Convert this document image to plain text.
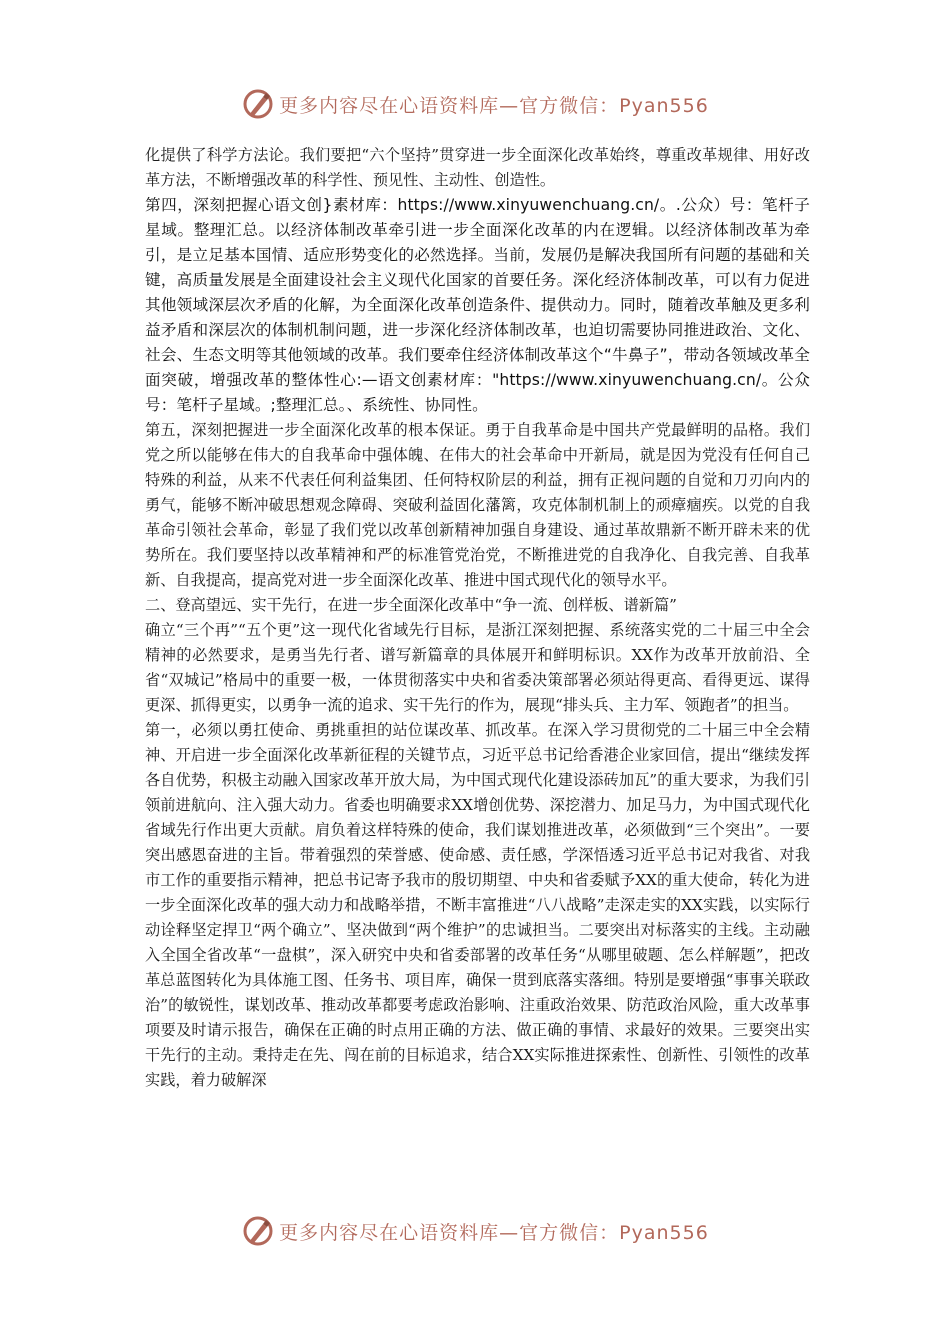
更多内容尽在心语资料库—官方微信：Pyan556

化提供了科学方法论。我们要把“六个坚持”贯穿进一步全面深化改革始终，尊重改革规律、用好改革方法，不断增强改革的科学性、预见性、主动性、创造性。

第四，深刻把握心语文创}素材库：https://www.xinyuwenchuang.cn/。.公众）号：笔杆子星域。整理汇总。以经济体制改革牵引进一步全面深化改革的内在逻辑。以经济体制改革为牵引，是立足基本国情、适应形势变化的必然选择。当前，发展仍是解决我国所有问题的基础和关键，高质量发展是全面建设社会主义现代化国家的首要任务。深化经济体制改革，可以有力促进其他领域深层次矛盾的化解，为全面深化改革创造条件、提供动力。同时，随着改革触及更多利益矛盾和深层次的体制机制问题，进一步深化经济体制改革，也迫切需要协同推进政治、文化、社会、生态文明等其他领域的改革。我们要牵住经济体制改革这个“牛鼻子”，带动各领域改革全面突破，增强改革的整体性心:—语文创素材库："https://www.xinyuwenchuang.cn/。公众号：笔杆子星域。;整理汇总。、系统性、协同性。

第五，深刻把握进一步全面深化改革的根本保证。勇于自我革命是中国共产党最鲜明的品格。我们党之所以能够在伟大的自我革命中强体魄、在伟大的社会革命中开新局，就是因为党没有任何自己特殊的利益，从来不代表任何利益集团、任何特权阶层的利益，拥有正视问题的自觉和刀刃向内的勇气，能够不断冲破思想观念障碍、突破利益固化藩篱，攻克体制机制上的顽瘴痼疾。以党的自我革命引领社会革命，彰显了我们党以改革创新精神加强自身建设、通过革故鼎新不断开辟未来的优势所在。我们要坚持以改革精神和严的标准管党治党，不断推进党的自我净化、自我完善、自我革新、自我提高，提高党对进一步全面深化改革、推进中国式现代化的领导水平。

二、登高望远、实干先行，在进一步全面深化改革中“争一流、创样板、谱新篇”

确立“三个再”“五个更”这一现代化省域先行目标，是浙江深刻把握、系统落实党的二十届三中全会精神的必然要求，是勇当先行者、谱写新篇章的具体展开和鲜明标识。XX作为改革开放前沿、全省“双城记”格局中的重要一极，一体贯彻落实中央和省委决策部署必须站得更高、看得更远、谋得更深、抓得更实，以勇争一流的追求、实干先行的作为，展现“排头兵、主力军、领跑者”的担当。

第一，必须以勇扛使命、勇挑重担的站位谋改革、抓改革。在深入学习贯彻党的二十届三中全会精神、开启进一步全面深化改革新征程的关键节点，习近平总书记给香港企业家回信，提出“继续发挥各自优势，积极主动融入国家改革开放大局，为中国式现代化建设添砖加瓦”的重大要求，为我们引领前进航向、注入强大动力。省委也明确要求XX增创优势、深挖潜力、加足马力，为中国式现代化省域先行作出更大贡献。肩负着这样特殊的使命，我们谋划推进改革，必须做到“三个突出”。一要突出感恩奋进的主旨。带着强烈的荣誉感、使命感、责任感，学深悟透习近平总书记对我省、对我市工作的重要指示精神，把总书记寄予我市的殷切期望、中央和省委赋予XX的重大使命，转化为进一步全面深化改革的强大动力和战略举措，不断丰富推进“八八战略”走深走实的XX实践，以实际行动诠释坚定捍卫“两个确立”、坚决做到“两个维护”的忠诚担当。二要突出对标落实的主线。主动融入全国全省改革“一盘棋”，深入研究中央和省委部署的改革任务“从哪里破题、怎么样解题”，把改革总蓝图转化为具体施工图、任务书、项目库，确保一贯到底落实落细。特别是要增强“事事关联政治”的敏锐性，谋划改革、推动改革都要考虑政治影响、注重政治效果、防范政治风险，重大改革事项要及时请示报告，确保在正确的时点用正确的方法、做正确的事情、求最好的效果。三要突出实干先行的主动。秉持走在先、闯在前的目标追求，结合XX实际推进探索性、创新性、引领性的改革实践，着力破解深

更多内容尽在心语资料库—官方微信：Pyan556
